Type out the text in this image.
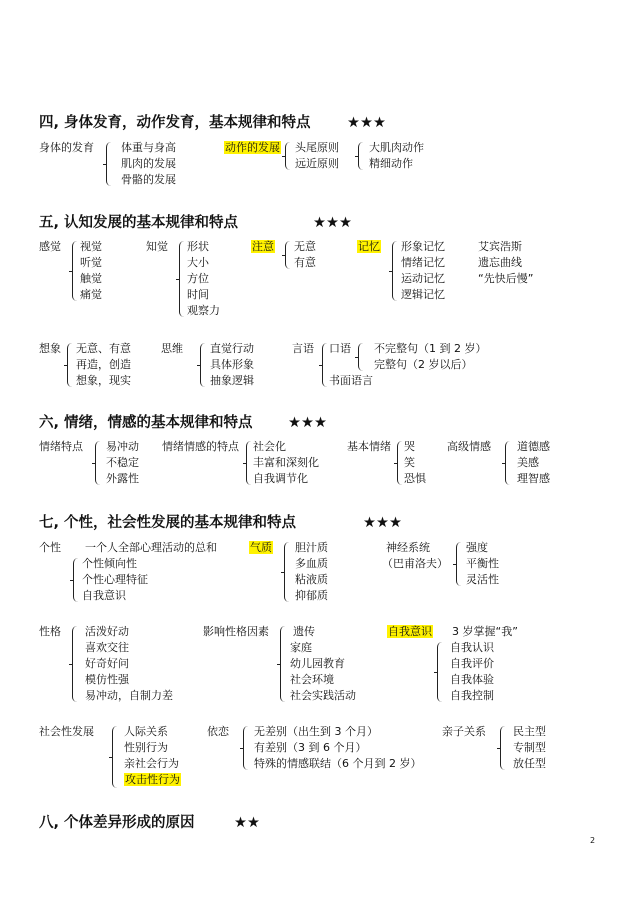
四, 身体发育，动作发育，基本规律和特点	★★★
身体的发育 体重与身高
肌肉的发展
骨骼的发展
动作的发展 头尾原则
远近原则
大肌肉动作
精细动作
五, 认知发展的基本规律和特点	★★★
感觉 视觉
听觉
触觉
痛觉
知觉 形状
大小
方位
时间
观察力
注意 无意
有意
记忆 形象记忆
情绪记忆
运动记忆
逻辑记忆
艾宾浩斯
遗忘曲线
“先快后慢”
想象 无意、有意
再造，创造
想象，现实
思维 直觉行动
具体形象
抽象逻辑
言语 口语 不完整句（1 到 2 岁）
完整句（2 岁以后）
书面语言
六, 情绪，情感的基本规律和特点 ★★★
情绪特点 易冲动
不稳定
外露性
情绪情感的特点 社会化
丰富和深刻化
自我调节化
基本情绪 哭
笑
恐惧
高级情感 道德感
美感
理智感
七, 个性，社会性发展的基本规律和特点	★★★
个性 一个人全部心理活动的总和
个性倾向性
个性心理特征
自我意识
气质 胆汁质
多血质
粘液质
抑郁质
神经系统
（巴甫洛夫）
强度
平衡性
灵活性
性格 活泼好动
喜欢交往
好奇好问
模仿性强
易冲动，自制力差
影响性格因素 遗传
家庭
幼儿园教育
社会环境
社会实践活动
自我意识 3 岁掌握“我”
自我认识
自我评价
自我体验
自我控制
社会性发展	人际关系
性别行为
亲社会行为
攻击性行为
依恋 无差别（出生到 3 个月）
有差别（3 到 6 个月）
特殊的情感联结（6 个月到 2 岁）
亲子关系 民主型
专制型
放任型
八, 个体差异形成的原因	★★
2
